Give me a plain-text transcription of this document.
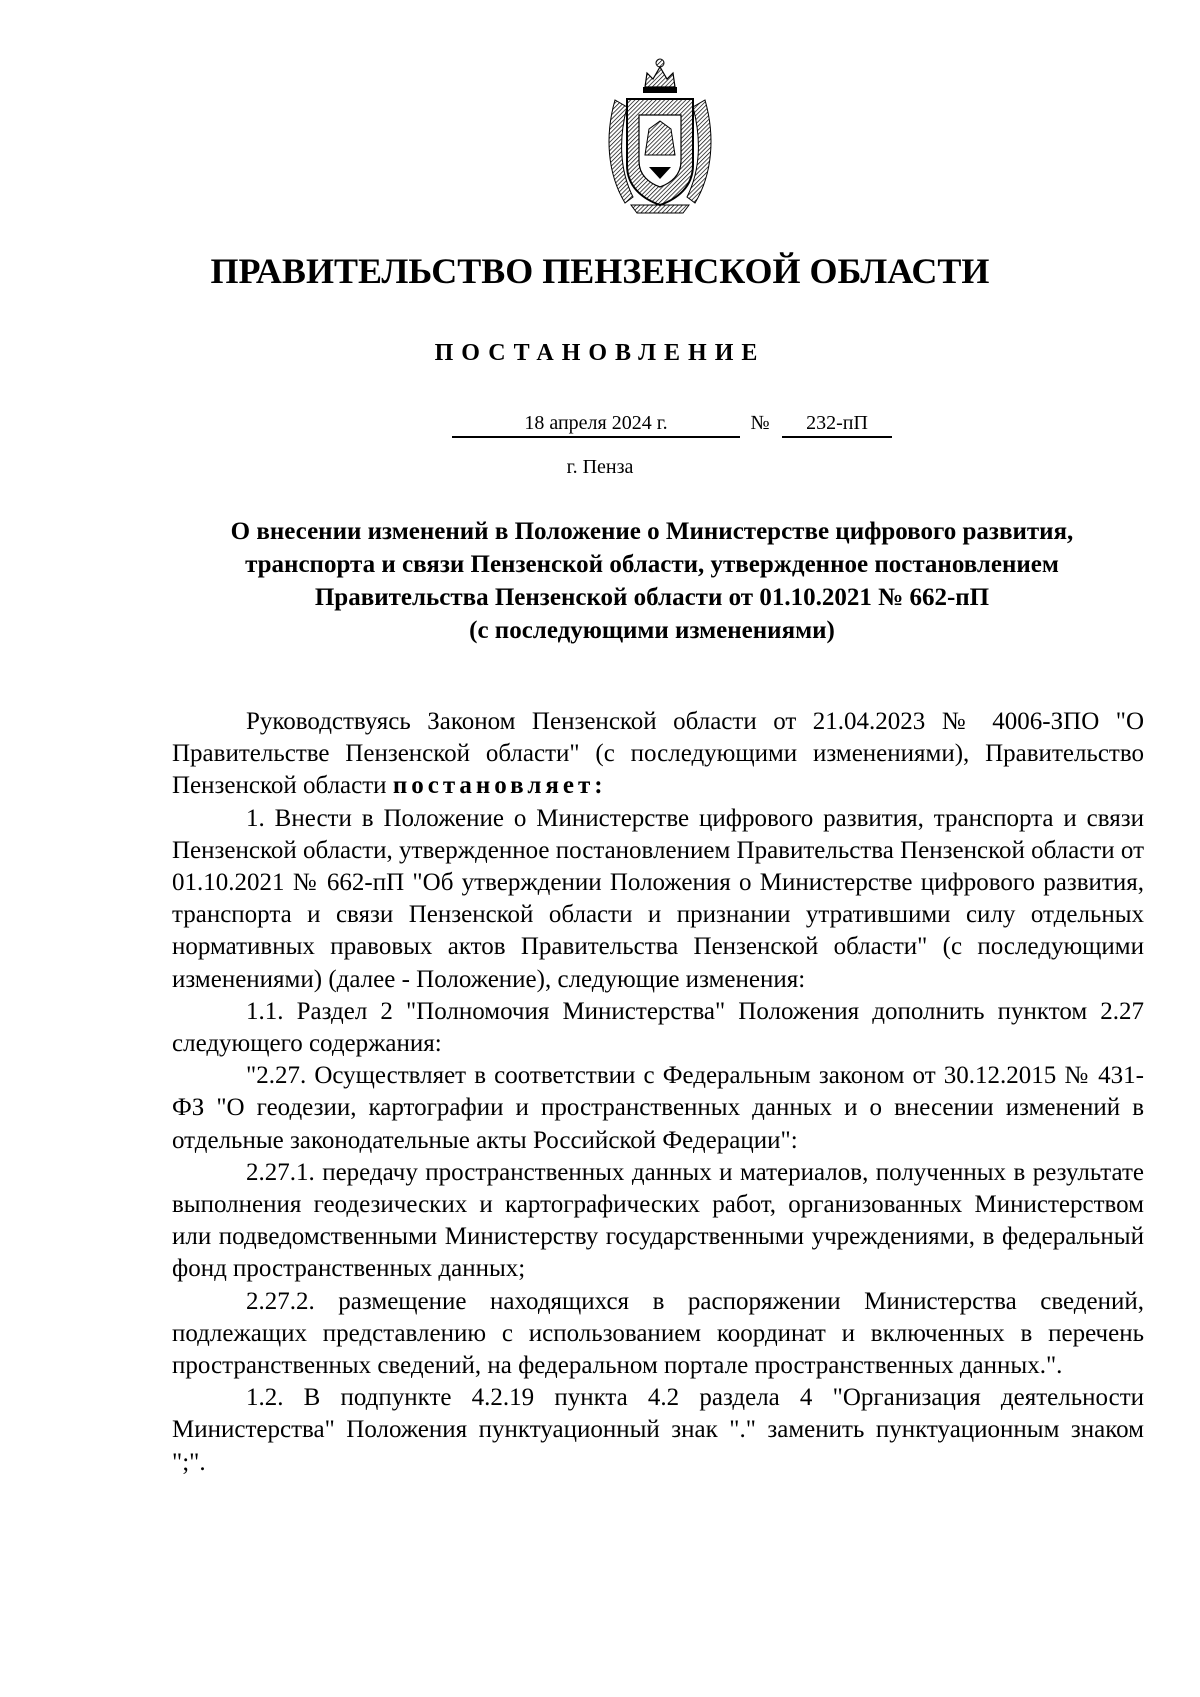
ПРАВИТЕЛЬСТВО ПЕНЗЕНСКОЙ ОБЛАСТИ
ПОСТАНОВЛЕНИЕ
18 апреля 2024 г.	№	232-пП
г. Пенза
О внесении изменений в Положение о Министерстве цифрового развития,
транспорта и связи Пензенской области, утвержденное постановлением
Правительства Пензенской области от 01.10.2021 № 662-пП
(с последующими изменениями)

Руководствуясь Законом Пензенской области от 21.04.2023 № 4006-ЗПО "О Правительстве Пензенской области" (с последующими изменениями), Правительство Пензенской области постановляет:

1. Внести в Положение о Министерстве цифрового развития, транспорта и связи Пензенской области, утвержденное постановлением Правительства Пензенской области от 01.10.2021 № 662-пП "Об утверждении Положения о Министерстве цифрового развития, транспорта и связи Пензенской области и признании утратившими силу отдельных нормативных правовых актов Правительства Пензенской области" (с последующими изменениями) (далее - Положение), следующие изменения:

1.1. Раздел 2 "Полномочия Министерства" Положения дополнить пунктом 2.27 следующего содержания:

"2.27. Осуществляет в соответствии с Федеральным законом от 30.12.2015 № 431-ФЗ "О геодезии, картографии и пространственных данных и о внесении изменений в отдельные законодательные акты Российской Федерации":

2.27.1. передачу пространственных данных и материалов, полученных в результате выполнения геодезических и картографических работ, организованных Министерством или подведомственными Министерству государственными учреждениями, в федеральный фонд пространственных данных;

2.27.2. размещение находящихся в распоряжении Министерства сведений, подлежащих представлению с использованием координат и включенных в перечень пространственных сведений, на федеральном портале пространственных данных.".

1.2. В подпункте 4.2.19 пункта 4.2 раздела 4 "Организация деятельности Министерства" Положения пунктуационный знак "." заменить пунктуационным знаком ";".
